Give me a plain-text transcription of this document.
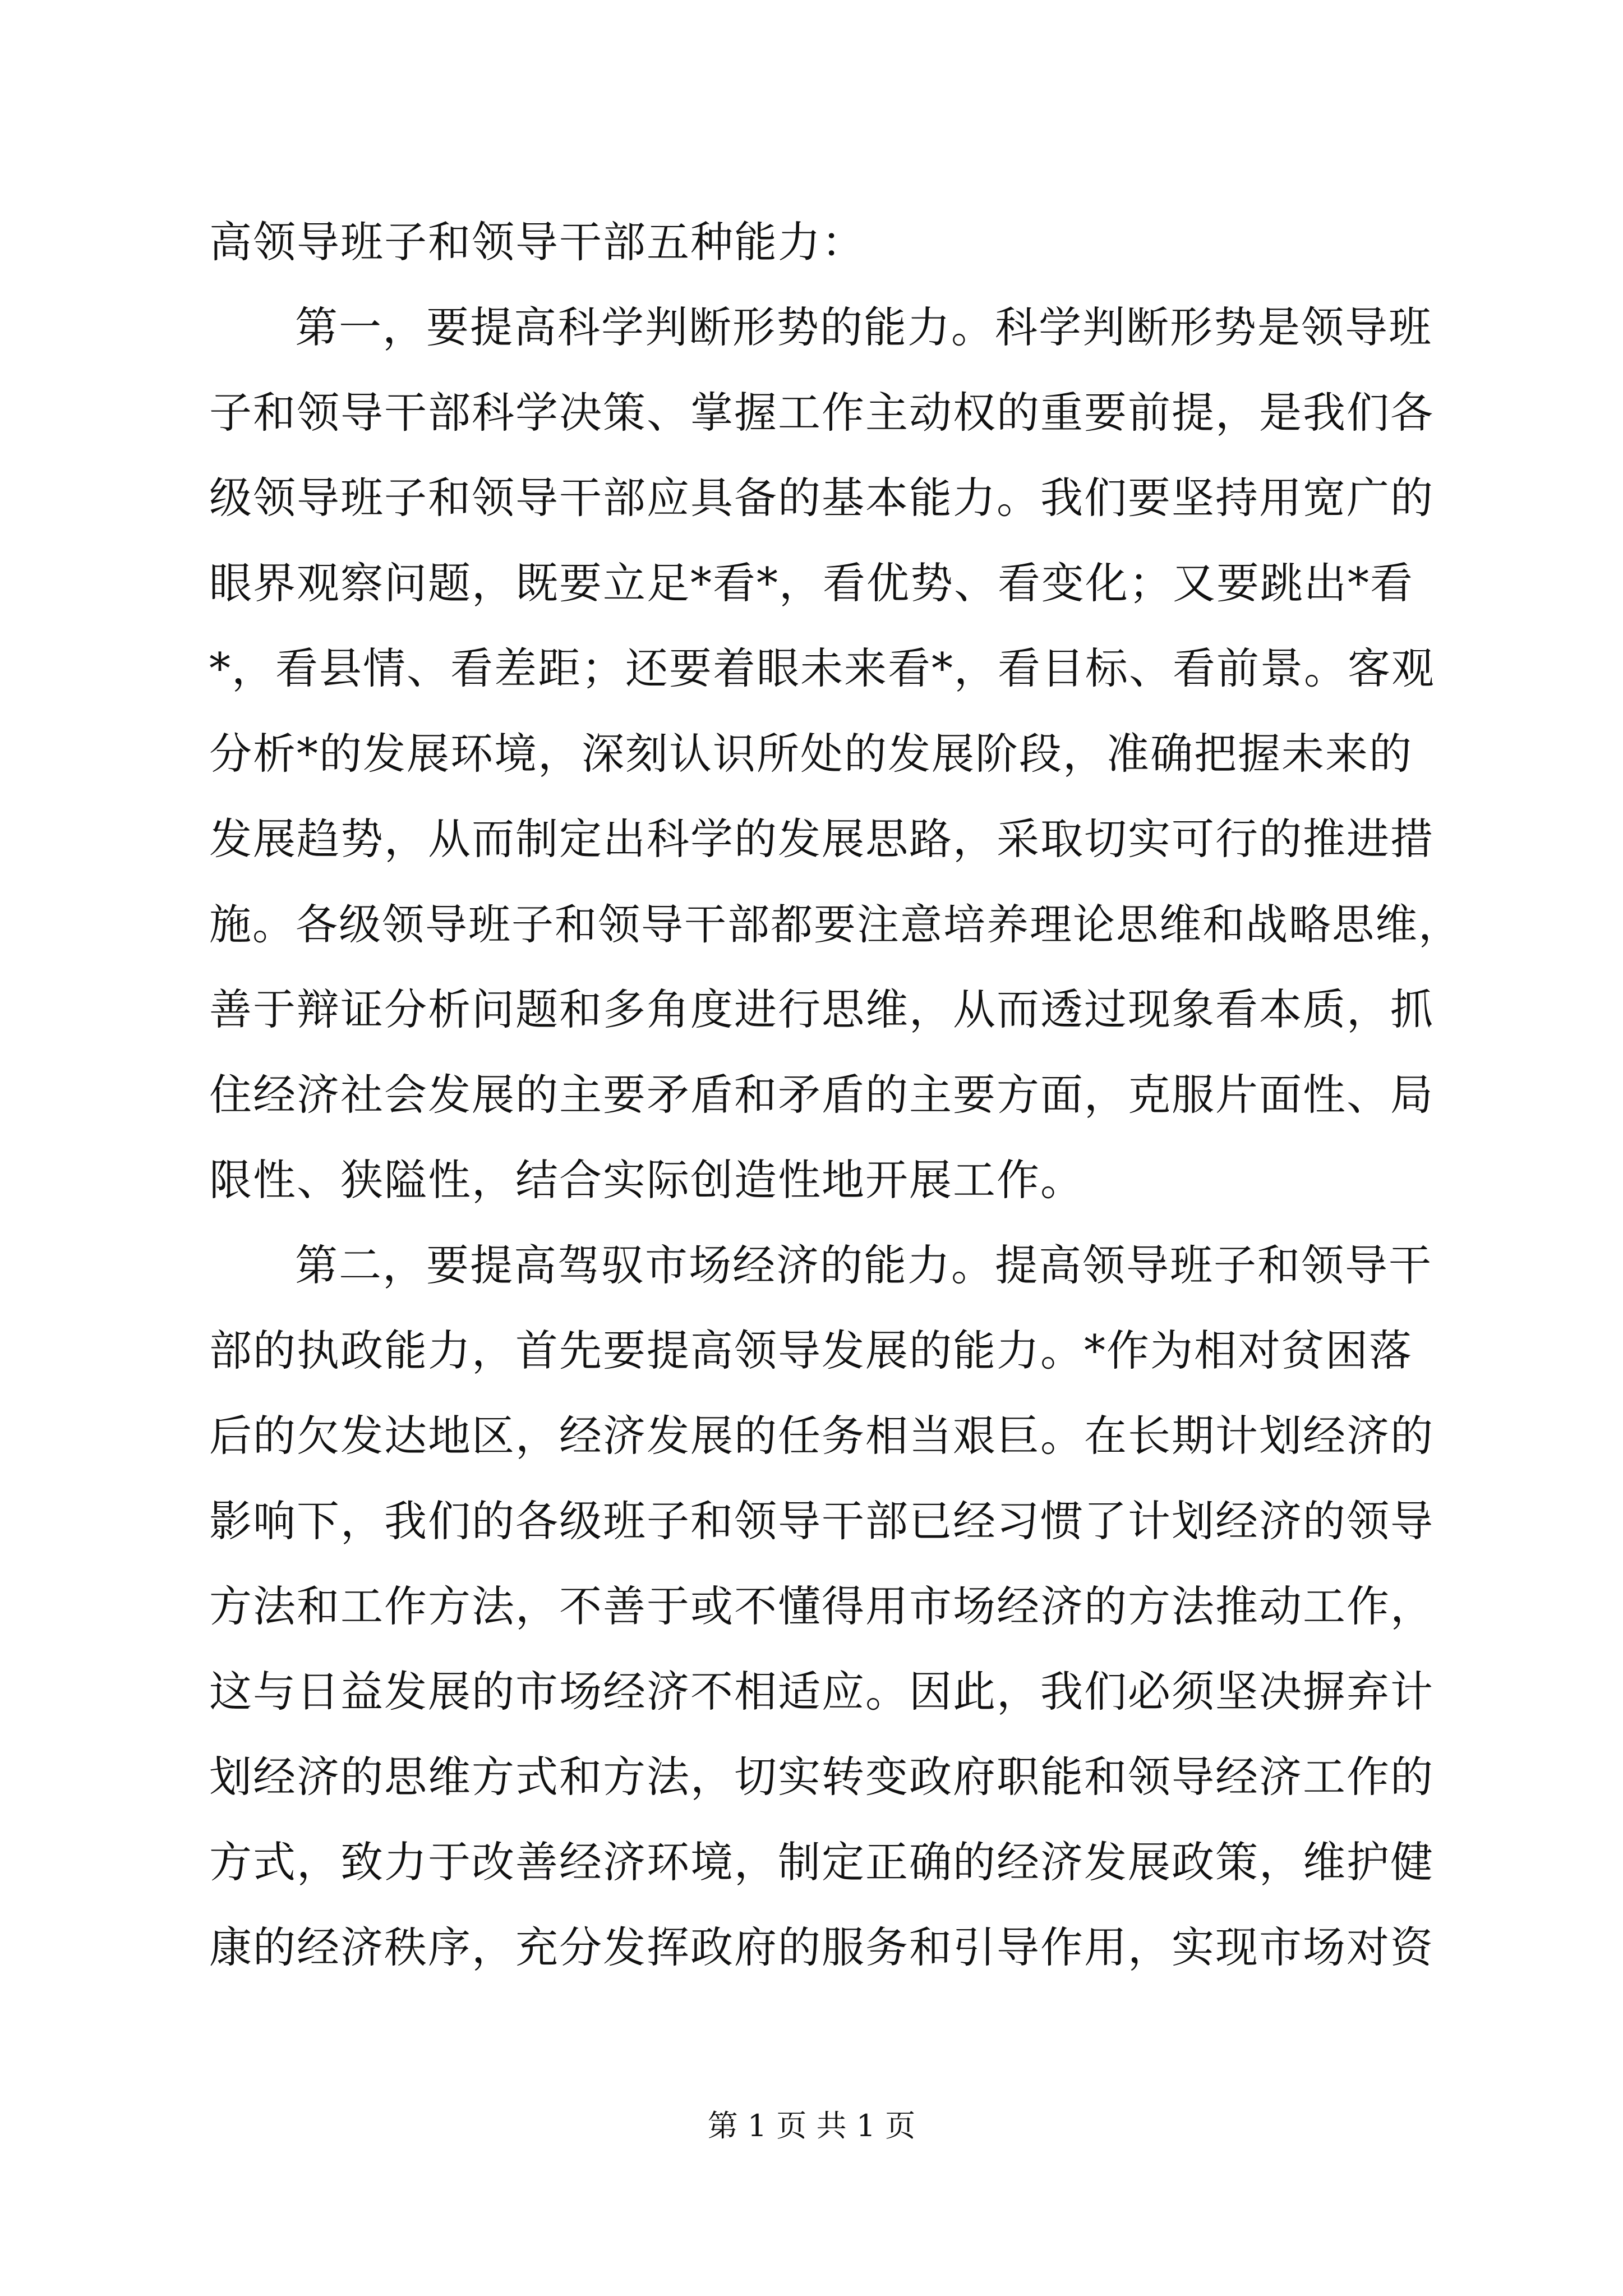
高领导班子和领导干部五种能力：
第一，要提高科学判断形势的能力。科学判断形势是领导班
子和领导干部科学决策、掌握工作主动权的重要前提，是我们各
级领导班子和领导干部应具备的基本能力。我们要坚持用宽广的
眼界观察问题，既要立足*看*，看优势、看变化；又要跳出*看
*，看县情、看差距；还要着眼未来看*，看目标、看前景。客观
分析*的发展环境，深刻认识所处的发展阶段，准确把握未来的
发展趋势，从而制定出科学的发展思路，采取切实可行的推进措
施。各级领导班子和领导干部都要注意培养理论思维和战略思维，
善于辩证分析问题和多角度进行思维，从而透过现象看本质，抓
住经济社会发展的主要矛盾和矛盾的主要方面，克服片面性、局
限性、狭隘性，结合实际创造性地开展工作。
第二，要提高驾驭市场经济的能力。提高领导班子和领导干
部的执政能力，首先要提高领导发展的能力。*作为相对贫困落
后的欠发达地区，经济发展的任务相当艰巨。在长期计划经济的
影响下，我们的各级班子和领导干部已经习惯了计划经济的领导
方法和工作方法，不善于或不懂得用市场经济的方法推动工作，
这与日益发展的市场经济不相适应。因此，我们必须坚决摒弃计
划经济的思维方式和方法，切实转变政府职能和领导经济工作的
方式，致力于改善经济环境，制定正确的经济发展政策，维护健
康的经济秩序，充分发挥政府的服务和引导作用，实现市场对资
第 1 页 共 1 页
